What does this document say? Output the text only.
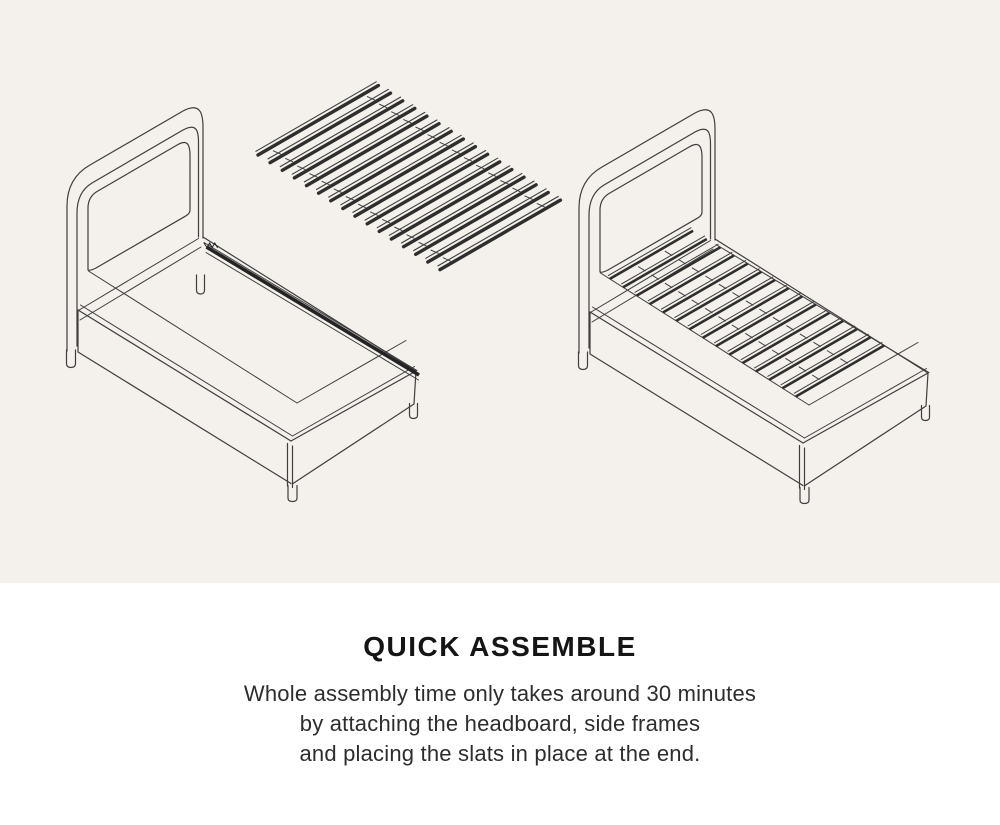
QUICK ASSEMBLE
Whole assembly time only takes around 30 minutes
by attaching the headboard, side frames
and placing the slats in place at the end.
